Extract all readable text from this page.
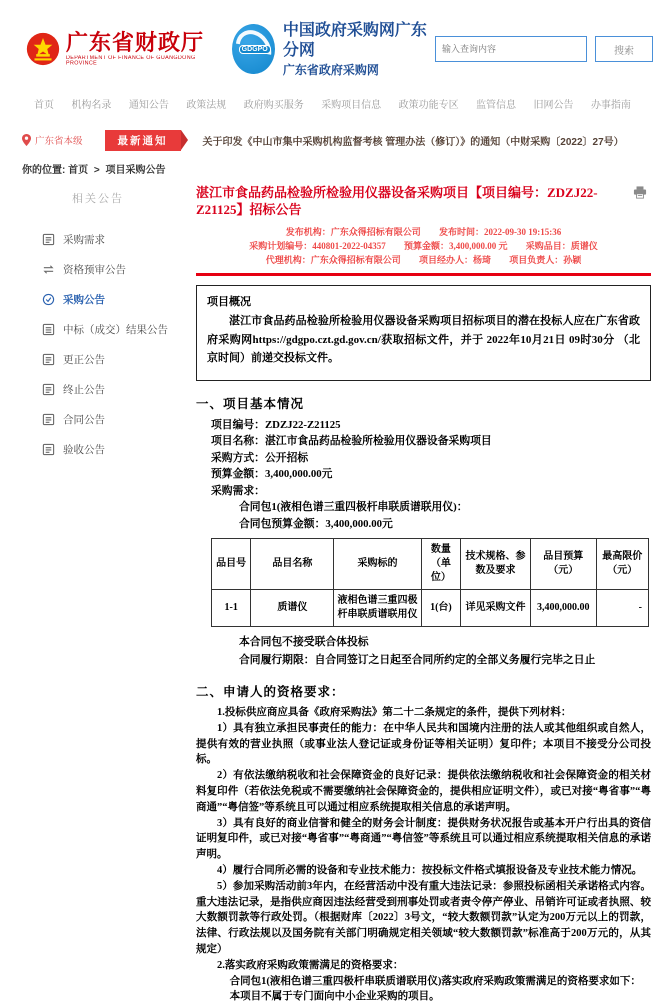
广东省财政厅
DEPARTMENT OF FINANCE OF GUANGDONG PROVINCE
GDGPO
中国政府采购网广东分网
广东省政府采购网
输入查询内容
搜索
首页 机构名录 通知公告 政策法规 政府购买服务 采购项目信息 政策功能专区 监管信息 旧网公告 办事指南
广东省本级	最新通知	关于印发《中山市集中采购机构监督考核 管理办法（修订）》的通知（中财采购〔2022〕27号）
你的位置: 首页 > 项目采购公告
相关公告
采购需求
资格预审公告
采购公告
中标（成交）结果公告
更正公告
终止公告
合同公告
验收公告
湛江市食品药品检验所检验用仪器设备采购项目【项目编号：ZDZJ22-Z21125】招标公告
发布机构：广东众得招标有限公司 发布时间：2022-09-30 19:15:36
采购计划编号：440801-2022-04357 预算金额：3,400,000.00 元 采购品目：质谱仪
代理机构：广东众得招标有限公司 项目经办人：杨琦 项目负责人：孙颖
项目概况

湛江市食品药品检验所检验用仪器设备采购项目招标项目的潜在投标人应在广东省政府采购网https://gdgpo.czt.gd.gov.cn/获取招标文件，并于 2022年10月21日 09时30分 （北京时间）前递交投标文件。

一、项目基本情况

项目编号：ZDZJ22-Z21125

项目名称：湛江市食品药品检验所检验用仪器设备采购项目

采购方式：公开招标

预算金额：3,400,000.00元

采购需求：

合同包1(液相色谱三重四极杆串联质谱联用仪)：

合同包预算金额：3,400,000.00元

品目号	品目名称	采购标的	数量（单位）	技术规格、参数及要求	品目预算（元）	最高限价（元）
1-1	质谱仪	液相色谱三重四极杆串联质谱联用仪	1(台)	详见采购文件	3,400,000.00	-

本合同包不接受联合体投标

合同履行期限：自合同签订之日起至合同所约定的全部义务履行完毕之日止

二、申请人的资格要求：

1.投标供应商应具备《政府采购法》第二十二条规定的条件，提供下列材料：

1）具有独立承担民事责任的能力：在中华人民共和国境内注册的法人或其他组织或自然人，提供有效的营业执照（或事业法人登记证或身份证等相关证明）复印件；本项目不接受分公司投标。

2）有依法缴纳税收和社会保障资金的良好记录：提供依法缴纳税收和社会保障资金的相关材料复印件（若依法免税或不需要缴纳社会保障资金的，提供相应证明文件），或已对接“粤省事”“粤商通”“粤信签”等系统且可以通过相应系统提取相关信息的承诺声明。

3）具有良好的商业信誉和健全的财务会计制度：提供财务状况报告或基本开户行出具的资信证明复印件，或已对接“粤省事”“粤商通”“粤信签”等系统且可以通过相应系统提取相关信息的承诺声明。

4）履行合同所必需的设备和专业技术能力：按投标文件格式填报设备及专业技术能力情况。

5）参加采购活动前3年内，在经营活动中没有重大违法记录：参照投标函相关承诺格式内容。 重大违法记录，是指供应商因违法经营受到刑事处罚或者责令停产停业、吊销许可证或者执照、较大数额罚款等行政处罚。（根据财库〔2022〕3号文，“较大数额罚款”认定为200万元以上的罚款，法律、行政法规以及国务院有关部门明确规定相关领域“较大数额罚款”标准高于200万元的，从其规定）

2.落实政府采购政策需满足的资格要求：

合同包1(液相色谱三重四极杆串联质谱联用仪)落实政府采购政策需满足的资格要求如下：

本项目不属于专门面向中小企业采购的项目。
